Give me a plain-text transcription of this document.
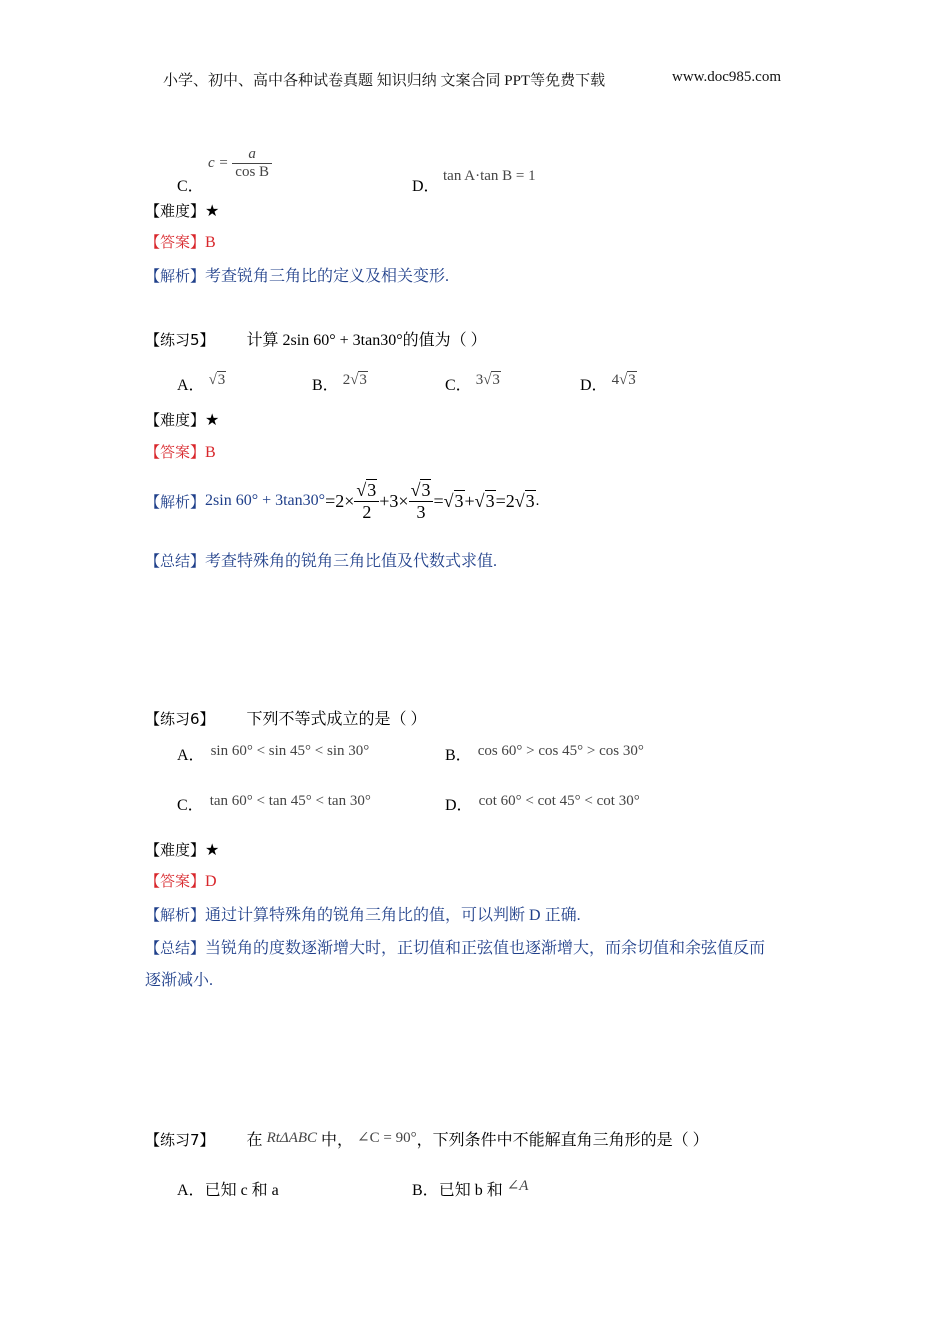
小学、初中、高中各种试卷真题 知识归纳 文案合同 PPT等免费下载	www.doc985.com
C．
$c = \frac{a}{\text{cos B}}$
D．
tan A·tan B = 1
【难度】★
【答案】B
【解析】考查锐角三角比的定义及相关变形.
【练习5】 计算 2sin 60° + 3tan30°的值为（ ）
A． √3	B． 2√3	C． 3√3	D． 4√3
【难度】★
【答案】B
【解析】 2sin $60^\circ + 3\tan 30^\circ =2\times \frac{√3}{2} +3\times \frac{√3}{3} = √3 + √3 =2$ √3 .
【总结】考查特殊角的锐角三角比值及代数式求值.
【练习6】 下列不等式成立的是（ ）
A． sin 60° < sin 45° < sin 30°	B． cos 60° > cos 45° > cos 30°
C． tan 60° < tan 45° < tan 30°	D． cot 60° < cot 45° < cot 30°
【难度】★
【答案】D
【解析】通过计算特殊角的锐角三角比的值，可以判断 D 正确.
【总结】当锐角的度数逐渐增大时，正切值和正弦值也逐渐增大，而余切值和余弦值反而
逐渐减小.
【练习7】 在 RtΔABC 中， ∠C = 90°，下列条件中不能解直角三角形的是（ ）
A．已知 c 和 a	B．已知 b 和 ∠A
